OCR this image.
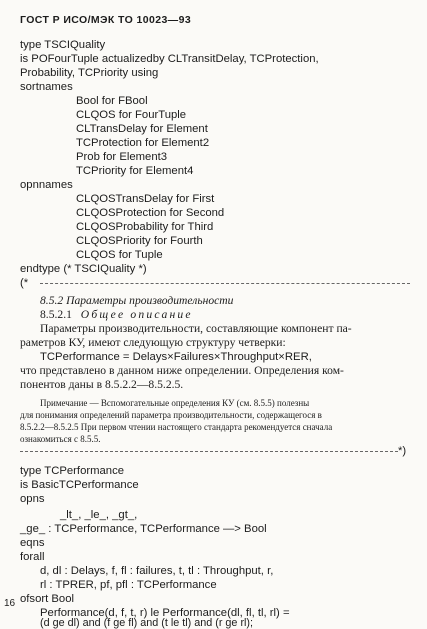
ГОСТ Р ИСО/МЭК ТО 10023—93
type TSCIQuality
is POFourTuple actualizedby CLTransitDelay, TCProtection,
Probability, TCPriority using
sortnames
Bool for FBool
CLQOS for FourTuple
CLTransDelay for Element
TCProtection for Element2
Prob for Element3
TCPriority for Element4
opnnames
CLQOSTransDelay for First
CLQOSProtection for Second
CLQOSProbability for Third
CLQOSPriority for Fourth
CLQOS for Tuple
endtype (* TSCIQuality *)
(*
8.5.2 Параметры производительности
8.5.2.1 Общее описание
Параметры производительности, составляющие компонент па-
раметров КУ, имеют следующую структуру четверки:
TCPerformance = Delays×Failures×Throughput×RER,
что представлено в данном ниже определении. Определения ком-
понентов даны в 8.5.2.2—8.5.2.5.
Примечание — Вспомогательные определения КУ (см. 8.5.5) полезны
для понимания определений параметра производительности, содержащегося в
8.5.2.2—8.5.2.5 При первом чтении настоящего стандарта рекомендуется сначала
ознакомиться с 8.5.5.
*)
type TCPerformance
is BasicTCPerformance
opns
_lt_, _le_, _gt_,
_ge_ : TCPerformance, TCPerformance —> Bool
eqns
forall
d, dl : Delays, f, fl : failures, t, tl : Throughput, r,
rl : TPRER, pf, pfl : TCPerformance
ofsort Bool
Performance(d, f, t, r) le Performance(dl, fl, tl, rl) =
(d ge dl) and (f ge fl) and (t le tl) and (r ge rl);
16
